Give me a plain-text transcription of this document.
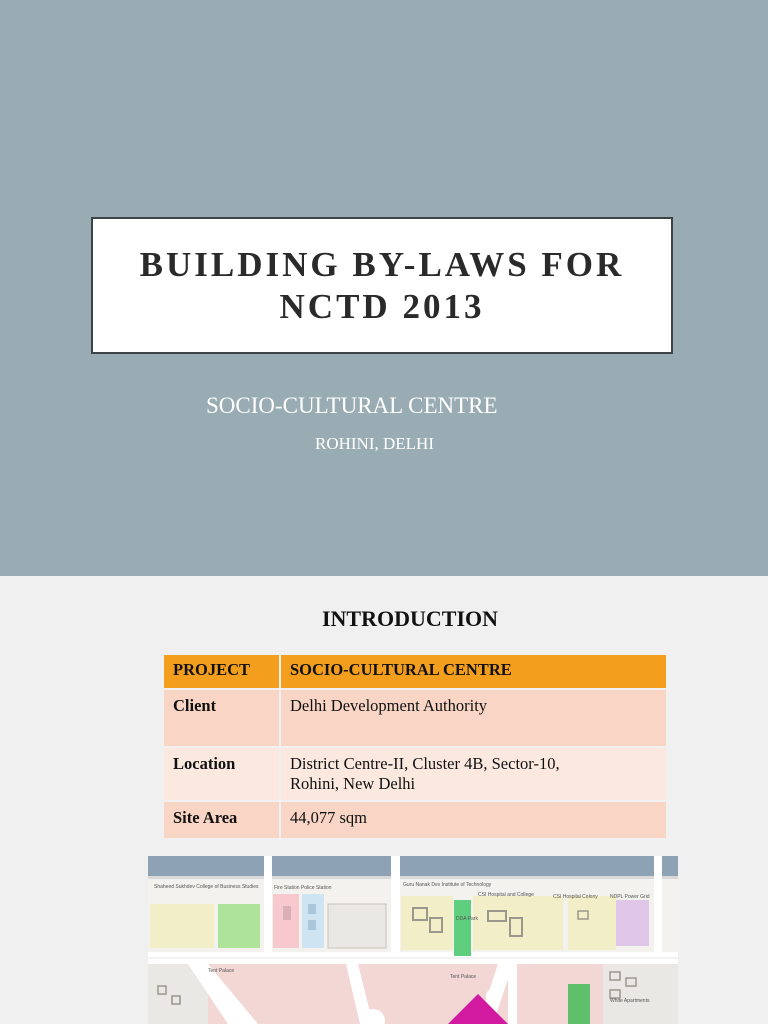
BUILDING BY-LAWS FOR
NCTD 2013
SOCIO-CULTURAL CENTRE
ROHINI, DELHI
INTRODUCTION
PROJECT	SOCIO-CULTURAL CENTRE
Client	Delhi Development Authority
Location	District Centre-II, Cluster 4B, Sector-10,
Rohini, New Delhi
Site Area	44,077 sqm
Shaheed Sukhdev College of Business Studies	Fire Station Police Station	Guru Nanak Dev Institute of Technology
CSI Hospital and College	CSI Hospital Colony NDPL Power Grid
DDA Park
Tent Palace
Tent Palace
White Apartments
